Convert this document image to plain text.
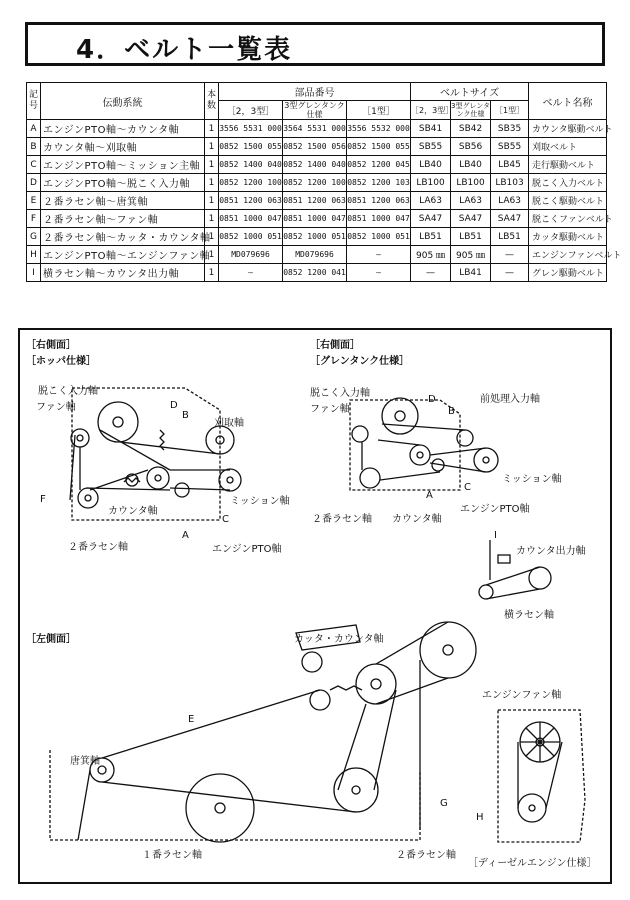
4．ベルト一覧表
記号	伝動系統	本数	部品番号			ベルトサイズ			ベルト名称
			［2，3型］	3型グレンタンク仕様	［1型］	［2，3型］	3型グレンタンク仕様	［1型］	
A	エンジンPTO軸～カウンタ軸	1	3556 5531 000	3564 5531 000	3556 5532 000	SB41	SB42	SB35	カウンタ駆動ベルト
B	カウンタ軸～刈取軸	1	0852 1500 055	0852 1500 056	0852 1500 055	SB55	SB56	SB55	刈取ベルト
C	エンジンPTO軸～ミッション主軸	1	0852 1400 040	0852 1400 040	0852 1200 045	LB40	LB40	LB45	走行駆動ベルト
D	エンジンPTO軸～脱こく入力軸	1	0852 1200 100	0852 1200 100	0852 1200 103	LB100	LB100	LB103	脱こく入力ベルト
E	２番ラセン軸～唐箕軸	1	0851 1200 063	0851 1200 063	0851 1200 063	LA63	LA63	LA63	脱こく駆動ベルト
F	２番ラセン軸～ファン軸	1	0851 1000 047	0851 1000 047	0851 1000 047	SA47	SA47	SA47	脱こくファンベルト
G	２番ラセン軸～カッタ・カウンタ軸	1	0852 1000 051	0852 1000 051	0852 1000 051	LB51	LB51	LB51	カッタ駆動ベルト
H	エンジンPTO軸～エンジンファン軸	1	MD079696	MD079696	—	905 ㎜	905 ㎜	—	エンジンファンベルト
I	横ラセン軸～カウンタ出力軸	1	—	0852 1200 041	—	—	LB41	—	グレン駆動ベルト
［右側面］
［ホッパ仕様］
脱こく入力軸
ファン軸	D
B
刈取軸
F
カウンタ軸
ミッション軸
C
A
エンジンPTO軸
２番ラセン軸
［右側面］
［グレンタンク仕様］
脱こく入力軸
ファン軸
D
B
前処理入力軸
ミッション軸
A
C
エンジンPTO軸
２番ラセン軸 カウンタ軸
I
カウンタ出力軸
横ラセン軸
［左側面］	カッタ・カウンタ軸
E
唐箕軸
G
１番ラセン軸	２番ラセン軸
エンジンファン軸
H
［ディーゼルエンジン仕様］
